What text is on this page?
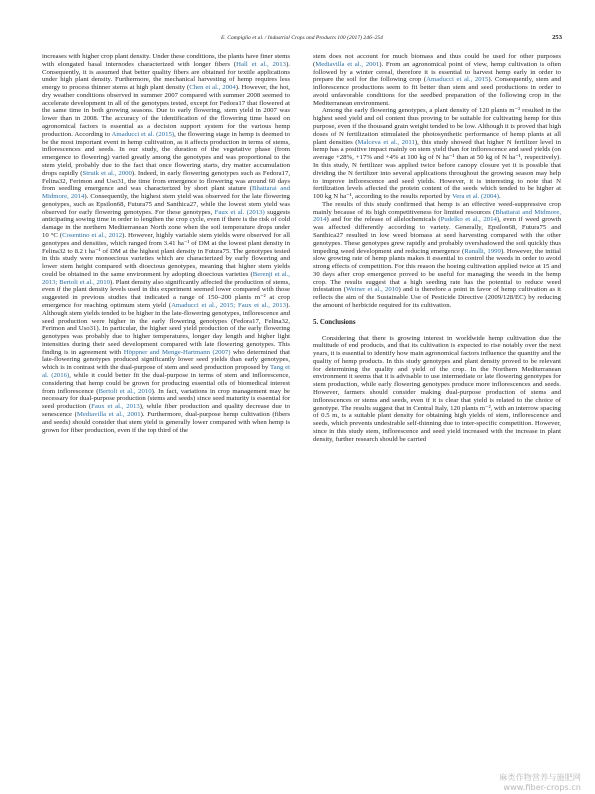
E. Campiglia et al. / Industrial Crops and Products 100 (2017) 246–254	253

increases with higher crop plant density. Under these conditions, the plants have finer stems with elongated basal internodes characterized with longer fibers (Hall et al., 2013). Consequently, it is assumed that better quality fibers are obtained for textile applications under high plant density. Furthermore, the mechanical harvesting of hemp requires less energy to process thinner stems at high plant density (Chen et al., 2004). However, the hot, dry weather conditions observed in summer 2007 compared with summer 2008 seemed to accelerate development in all of the genotypes tested, except for Fedora17 that flowered at the same time in both growing seasons. Due to early flowering, stem yield in 2007 was lower than in 2008. The accuracy of the identification of the flowering time based on agronomical factors is essential as a decision support system for the various hemp production. According to Amaducci et al. (2015), the flowering stage in hemp is deemed to be the most important event in hemp cultivation, as it affects production in terms of stems, inflorescences and seeds. In our study, the duration of the vegetative phase (from emergence to flowering) varied greatly among the genotypes and was proportional to the stem yield, probably due to the fact that once flowering starts, dry matter accumulation drops rapidly (Struik et al., 2000). Indeed, in early flowering genotypes such as Fedora17, Felina32, Ferimon and Uso31, the time from emergence to flowering was around 60 days from seedling emergence and was characterized by short plant stature (Bhattarai and Midmore, 2014). Consequently, the highest stem yield was observed for the late flowering genotypes, such as Epsilon68, Futura75 and Santhica27, while the lowest stem yield was observed for early flowering genotypes. For these genotypes, Faux et al. (2013) suggests anticipating sowing time in order to lengthen the crop cycle, even if there is the risk of cold damage in the northern Mediterranean North zone when the soil temperature drops under 10 °C (Cosentino et al., 2012). However, highly variable stem yields were observed for all genotypes and densities, which ranged from 3.41 ha⁻¹ of DM at the lowest plant density in Felina32 to 8.2 t ha⁻¹ of DM at the highest plant density in Futura75. The genotypes tested in this study were monoecious varieties which are characterized by early flowering and lower stem height compared with dioecious genotypes, meaning that higher stem yields could be obtained in the same environment by adopting dioecious varieties (Berenji et al., 2013; Bertoli et al., 2010). Plant density also significantly affected the production of stems, even if the plant density levels used in this experiment seemed lower compared with those suggested in previous studies that indicated a range of 150–200 plants m⁻² at crop emergence for reaching optimum stem yield (Amaducci et al., 2015; Faux et al., 2013). Although stem yields tended to be higher in the late-flowering genotypes, inflorescence and seed production were higher in the early flowering genotypes (Fedora17, Felina32, Ferimon and Uso31). In particular, the higher seed yield production of the early flowering genotypes was probably due to higher temperatures, longer day length and higher light intensities during their seed development compared with late flowering genotypes. This finding is in agreement with Höppner and Menge-Hartmann (2007) who determined that late-flowering genotypes produced significantly lower seed yields than early genotypes, which is in contrast with the dual-purpose of stem and seed production proposed by Tang et al. (2016), while it could better fit the dual-purpose in terms of stem and inflorescence, considering that hemp could be grown for producing essential oils of biomedical interest from inflorescence (Bertoli et al., 2010). In fact, variations in crop management may be necessary for dual-purpose production (stems and seeds) since seed maturity is essential for seed production (Faux et al., 2013), while fiber production and quality decrease due to senescence (Mediavilla et al., 2001). Furthermore, dual-purpose hemp cultivation (fibers and seeds) should consider that stem yield is generally lower compared with when hemp is grown for fiber production, even if the top third of the

stem does not account for much biomass and thus could be used for other purposes (Mediavilla et al., 2001). From an agronomical point of view, hemp cultivation is often followed by a winter cereal, therefore it is essential to harvest hemp early in order to prepare the soil for the following crop (Amaducci et al., 2015). Consequently, stem and inflorescence productions seem to fit better than stem and seed productions in order to avoid unfavorable conditions for the seedbed preparation of the following crop in the Mediterranean environment.

Among the early flowering genotypes, a plant density of 120 plants m⁻² resulted in the highest seed yield and oil content thus proving to be suitable for cultivating hemp for this purpose, even if the thousand grain weight tended to be low. Although it is proved that high doses of N fertilization stimulated the photosynthetic performance of hemp plants at all plant densities (Malceva et al., 2011), this study showed that higher N fertilizer level in hemp has a positive impact mainly on stem yield than for inflorescence and seed yields (on average +28%, +17% and +4% at 100 kg of N ha⁻¹ than at 50 kg of N ha⁻¹, respectively). In this study, N fertilizer was applied twice before canopy closure yet it is possible that dividing the N fertilizer into several applications throughout the growing season may help to improve inflorescence and seed yields. However, it is interesting to note that N fertilization levels affected the protein content of the seeds which tended to be higher at 100 kg N ha⁻¹, according to the results reported by Vera et al. (2004).

The results of this study confirmed that hemp is an effective weed-suppressive crop mainly because of its high competitiveness for limited resources (Bhattarai and Midmore, 2014) and for the release of allelochemicals (Pudelko et al., 2014), even if weed growth was affected differently according to variety. Generally, Epsilon68, Futura75 and Santhica27 resulted in low weed biomass at seed harvesting compared with the other genotypes. These genotypes grew rapidly and probably overshadowed the soil quickly thus impeding weed development and reducing emergence (Ranalli, 1999). However, the initial slow growing rate of hemp plants makes it essential to control the weeds in order to avoid strong effects of competition. For this reason the hoeing cultivation applied twice at 15 and 30 days after crop emergence proved to be useful for managing the weeds in the hemp crop. The results suggest that a high seeding rate has the potential to reduce weed infestation (Weiner et al., 2010) and is therefore a point in favor of hemp cultivation as it reflects the aim of the Sustainable Use of Pesticide Directive (2009/128/EC) by reducing the amount of herbicide required for its cultivation.

5. Conclusions

Considering that there is growing interest in worldwide hemp cultivation due the multitude of end products, and that its cultivation is expected to rise notably over the next years, it is essential to identify how main agronomical factors influence the quantity and the quality of hemp products. In this study genotypes and plant density proved to be relevant for determining the quality and yield of the crop. In the Northern Mediterranean environment it seems that it is advisable to use intermediate or late flowering genotypes for stem production, while early flowering genotypes produce more inflorescences and seeds. However, farmers should consider making dual-purpose production of stems and inflorescences or stems and seeds, even if it is clear that yield is related to the choice of genotype. The results suggest that in Central Italy, 120 plants m⁻², with an interrow spacing of 0.5 m, is a suitable plant density for obtaining high yields of stem, inflorescence and seeds, which prevents undesirable self-thinning due to inter-specific competition. However, since in this study stem, inflorescence and seed yield increased with the increase in plant density, further research should be carried

麻类作物营养与施肥网
www.fiber-crops.cn
